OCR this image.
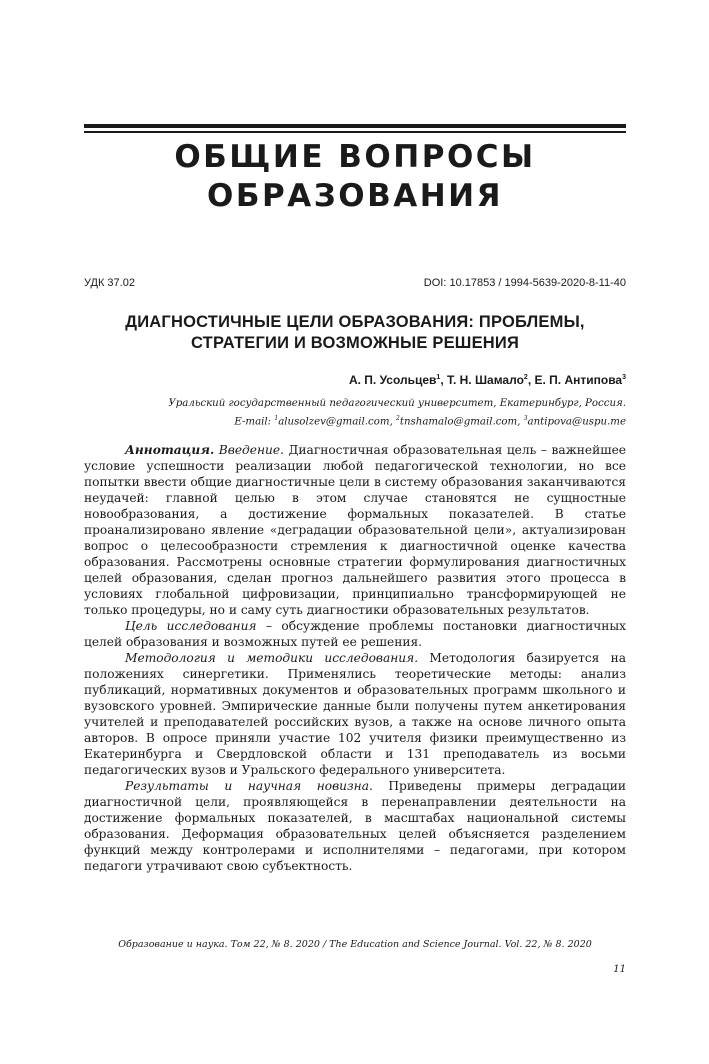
ОБЩИЕ ВОПРОСЫ
ОБРАЗОВАНИЯ
УДК 37.02	DOI: 10.17853 / 1994-5639-2020-8-11-40
ДИАГНОСТИЧНЫЕ ЦЕЛИ ОБРАЗОВАНИЯ: ПРОБЛЕМЫ,
СТРАТЕГИИ И ВОЗМОЖНЫЕ РЕШЕНИЯ
А. П. Усольцев$^1$, Т. Н. Шамало$^2$, Е. П. Антипова$^3$
Уральский государственный педагогический университет, Екатеринбург, Россия.
E-mail: $^1$alusolzev@gmail.com, $^2$tnshamalo@gmail.com, $^3$antipova@uspu.me

Аннотация. Введение. Диагностичная образовательная цель – важнейшее условие успешности реализации любой педагогической технологии, но все попытки ввести общие диагностичные цели в систему образования заканчиваются неудачей: главной целью в этом случае становятся не сущностные новообразования, а достижение формальных показателей. В статье проанализировано явление «деградации образовательной цели», актуализирован вопрос о целесообразности стремления к диагностичной оценке качества образования. Рассмотрены основные стратегии формулирования диагностичных целей образования, сделан прогноз дальнейшего развития этого процесса в условиях глобальной цифровизации, принципиально трансформирующей не только процедуры, но и саму суть диагностики образовательных результатов.

Цель исследования – обсуждение проблемы постановки диагностичных целей образования и возможных путей ее решения.

Методология и методики исследования. Методология базируется на положениях синергетики. Применялись теоретические методы: анализ публикаций, нормативных документов и образовательных программ школьного и вузовского уровней. Эмпирические данные были получены путем анкетирования учителей и преподавателей российских вузов, а также на основе личного опыта авторов. В опросе приняли участие 102 учителя физики преимущественно из Екатеринбурга и Свердловской области и 131 преподаватель из восьми педагогических вузов и Уральского федерального университета.

Результаты и научная новизна. Приведены примеры деградации диагностичной цели, проявляющейся в перенаправлении деятельности на достижение формальных показателей, в масштабах национальной системы образования. Деформация образовательных целей объясняется разделением функций между контролерами и исполнителями – педагогами, при котором педагоги утрачивают свою субъектность.

Образование и наука. Том 22, № 8. 2020 / The Education and Science Journal. Vol. 22, № 8. 2020
11
